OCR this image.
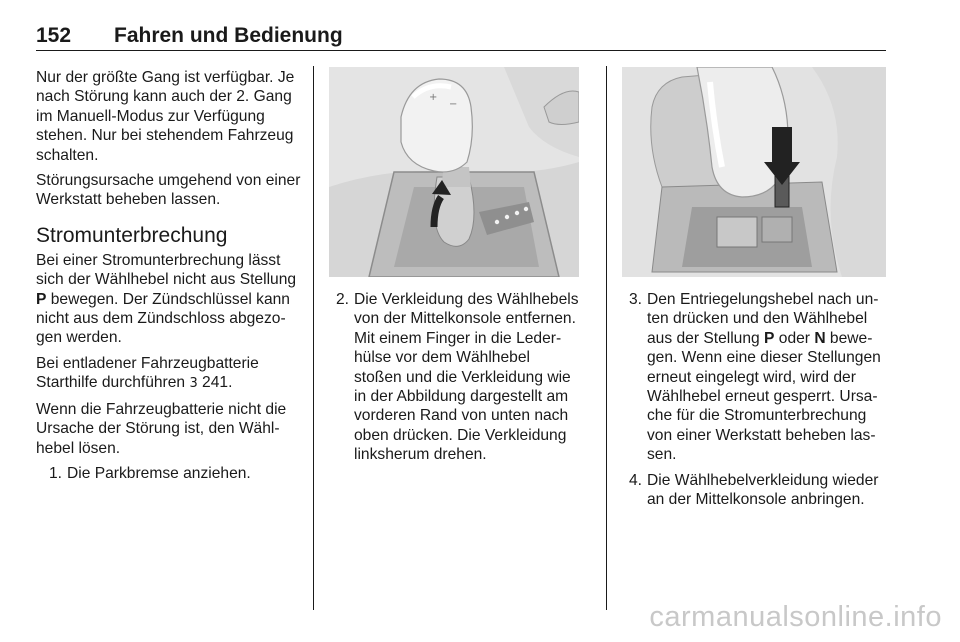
152 Fahren und Bedienung

Nur der größte Gang ist verfügbar. Je nach Störung kann auch der 2. Gang im Manuell-Modus zur Verfügung stehen. Nur bei stehendem Fahrzeug schalten.

Störungsursache umgehend von einer Werkstatt beheben lassen.

Stromunterbrechung

Bei einer Stromunterbrechung lässt sich der Wählhebel nicht aus Stellung P bewegen. Der Zündschlüssel kann nicht aus dem Zündschloss abgezogen werden.

Bei entladener Fahrzeugbatterie Starthilfe durchführen 3 241.

Wenn die Fahrzeugbatterie nicht die Ursache der Störung ist, den Wählhebel lösen.

1. Die Parkbremse anziehen.
+
−
2. Die Verkleidung des Wählhebels von der Mittelkonsole entfernen. Mit einem Finger in die Lederhülse vor dem Wählhebel stoßen und die Verkleidung wie in der Abbildung dargestellt am vorderen Rand von unten nach oben drücken. Die Verkleidung linksherum drehen.
3. Den Entriegelungshebel nach unten drücken und den Wählhebel aus der Stellung P oder N bewegen. Wenn eine dieser Stellungen erneut eingelegt wird, wird der Wählhebel erneut gesperrt. Ursache für die Stromunterbrechung von einer Werkstatt beheben lassen.
4. Die Wählhebelverkleidung wieder an der Mittelkonsole anbringen.
carmanualsonline.info
